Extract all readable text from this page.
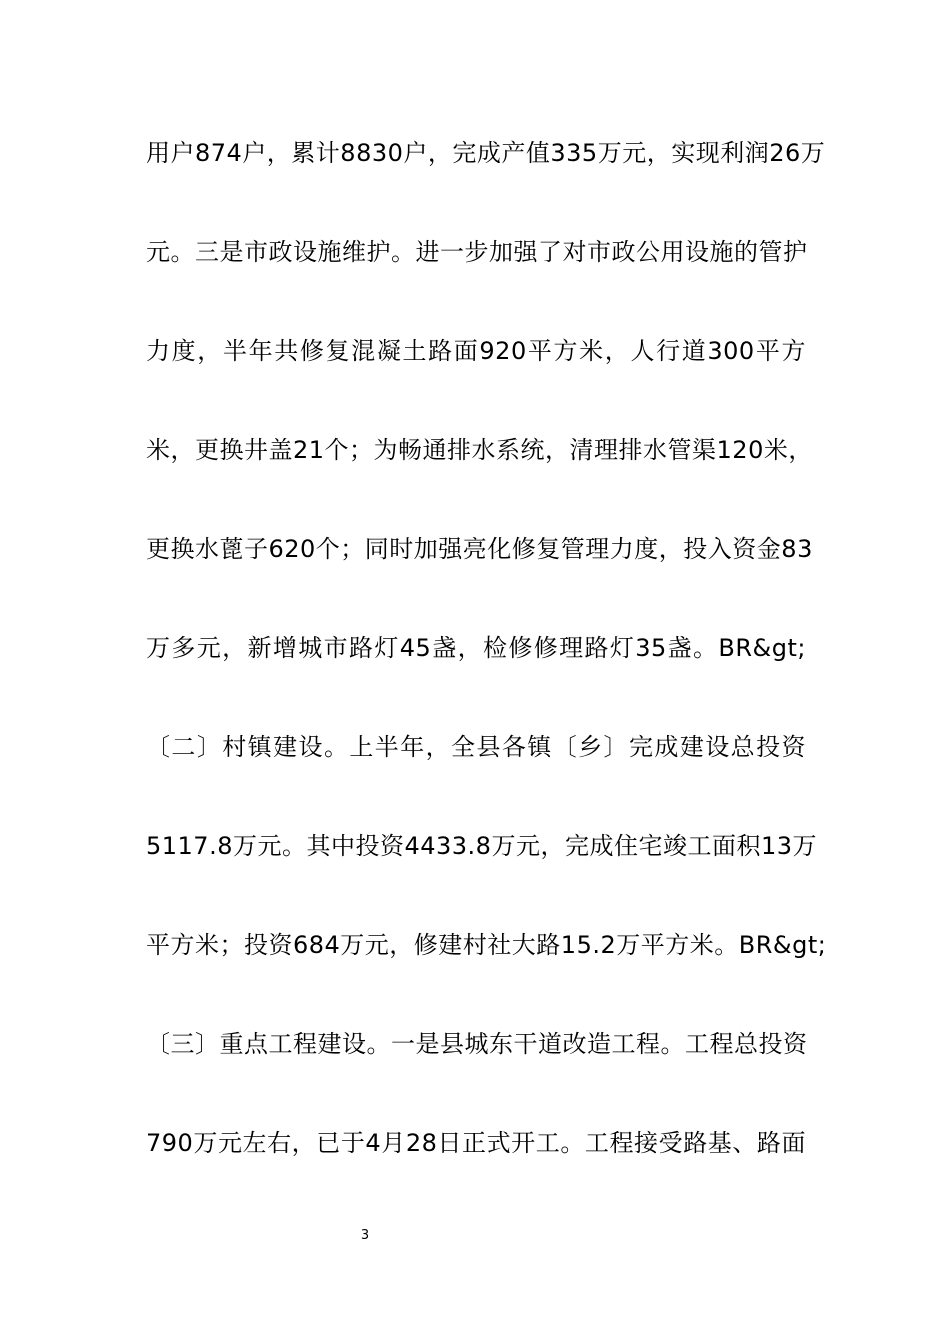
用户874户，累计8830户，完成产值335万元，实现利润26万
元。三是市政设施维护。进一步加强了对市政公用设施的管护
力度，半年共修复混凝土路面920平方米，人行道300平方
米，更换井盖21个；为畅通排水系统，清理排水管渠120米，
更换水蓖子620个；同时加强亮化修复管理力度，投入资金83
万多元，新增城市路灯45盏，检修修理路灯35盏。BR&gt;
〔二〕村镇建设。上半年，全县各镇〔乡〕完成建设总投资
5117.8万元。其中投资4433.8万元，完成住宅竣工面积13万
平方米；投资684万元，修建村社大路15.2万平方米。BR&gt;
〔三〕重点工程建设。一是县城东干道改造工程。工程总投资
790万元左右，已于4月28日正式开工。工程接受路基、路面
3
